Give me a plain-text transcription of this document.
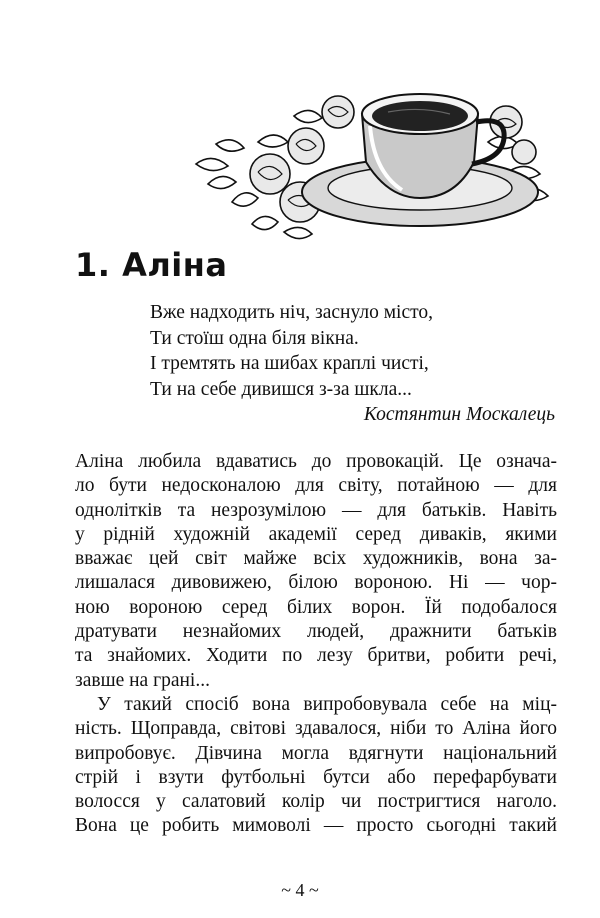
1. Аліна
Вже надходить ніч, заснуло місто,
Ти стоїш одна біля вікна.
І тремтять на шибах краплі чисті,
Ти на себе дивишся з-за шкла...
Костянтин Москалець

Аліна любила вдаватись до провокацій. Це означа-
ло бути недосконалою для світу, потайною — для
однолітків та незрозумілою — для батьків. Навіть
у рідній художній академії серед диваків, якими
вважає цей світ майже всіх художників, вона за-
лишалася дивовижею, білою вороною. Ні — чор-
ною вороною серед білих ворон. Їй подобалося
дратувати незнайомих людей, дражнити батьків
та знайомих. Ходити по лезу бритви, робити речі,
завше на грані...

У такий спосіб вона випробовувала себе на міц-
ність. Щоправда, світові здавалося, ніби то Аліна його
випробовує. Дівчина могла вдягнути національний
стрій і взути футбольні бутси або перефарбувати
волосся у салатовий колір чи постригтися наголо.
Вона це робить мимоволі — просто сьогодні такий

~ 4 ~
